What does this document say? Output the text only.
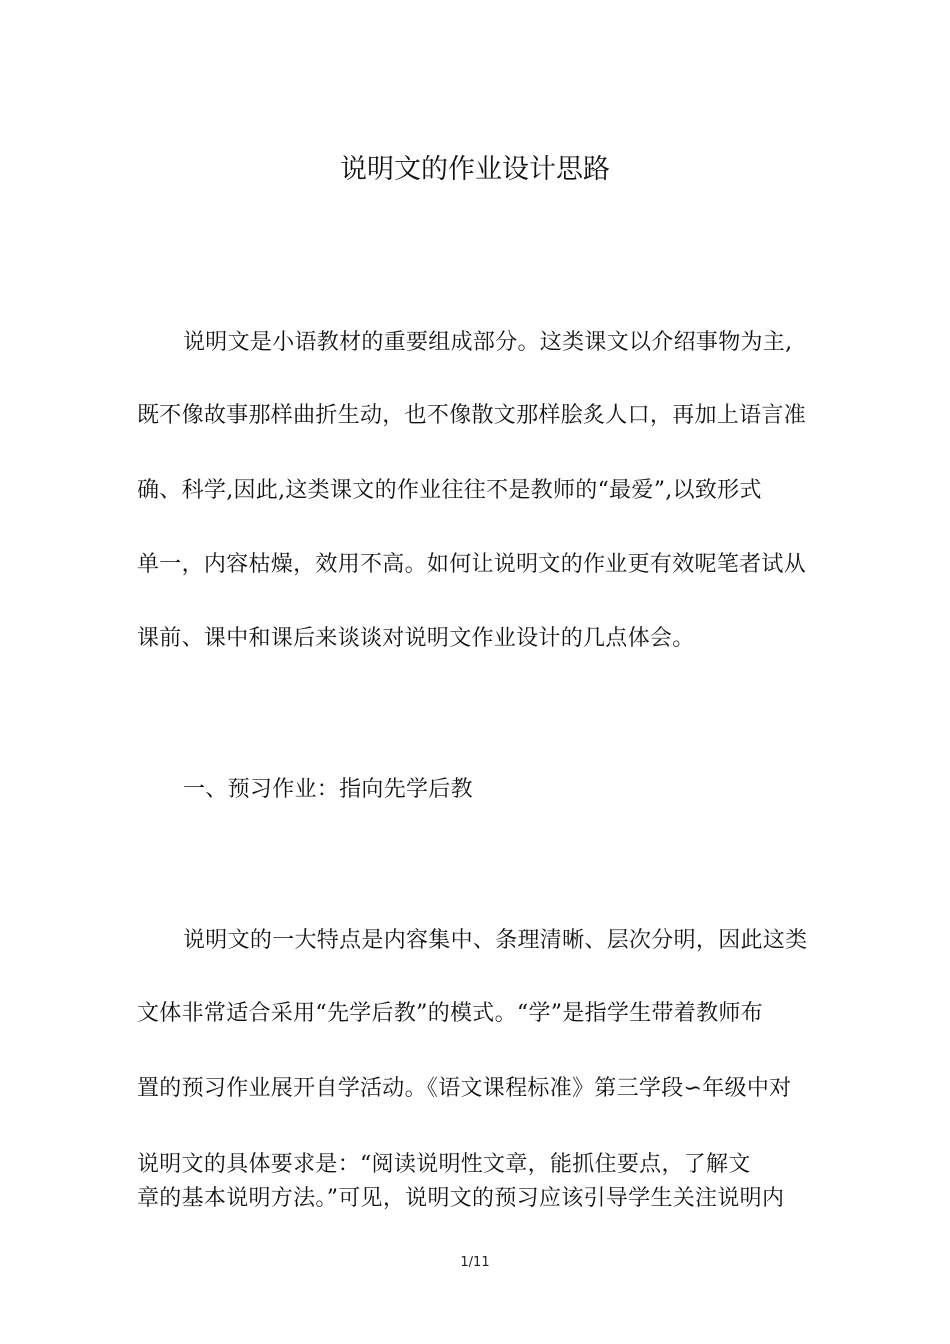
说明文的作业设计思路
说明文是小语教材的重要组成部分。这类课文以介绍事物为主,
既不像故事那样曲折生动，也不像散文那样脍炙人口，再加上语言准
确、科学,因此,这类课文的作业往往不是教师的“最爱”,以致形式
单一，内容枯燥，效用不高。如何让说明文的作业更有效呢笔者试从
课前、课中和课后来谈谈对说明文作业设计的几点体会。
一、预习作业：指向先学后教
说明文的一大特点是内容集中、条理清晰、层次分明，因此这类
文体非常适合采用“先学后教”的模式。“学”是指学生带着教师布
置的预习作业展开自学活动。《语文课程标准》第三学段∽年级中对
说明文的具体要求是：“阅读说明性文章，能抓住要点，了解文
章的基本说明方法。”可见，说明文的预习应该引导学生关注说明内
1/11
